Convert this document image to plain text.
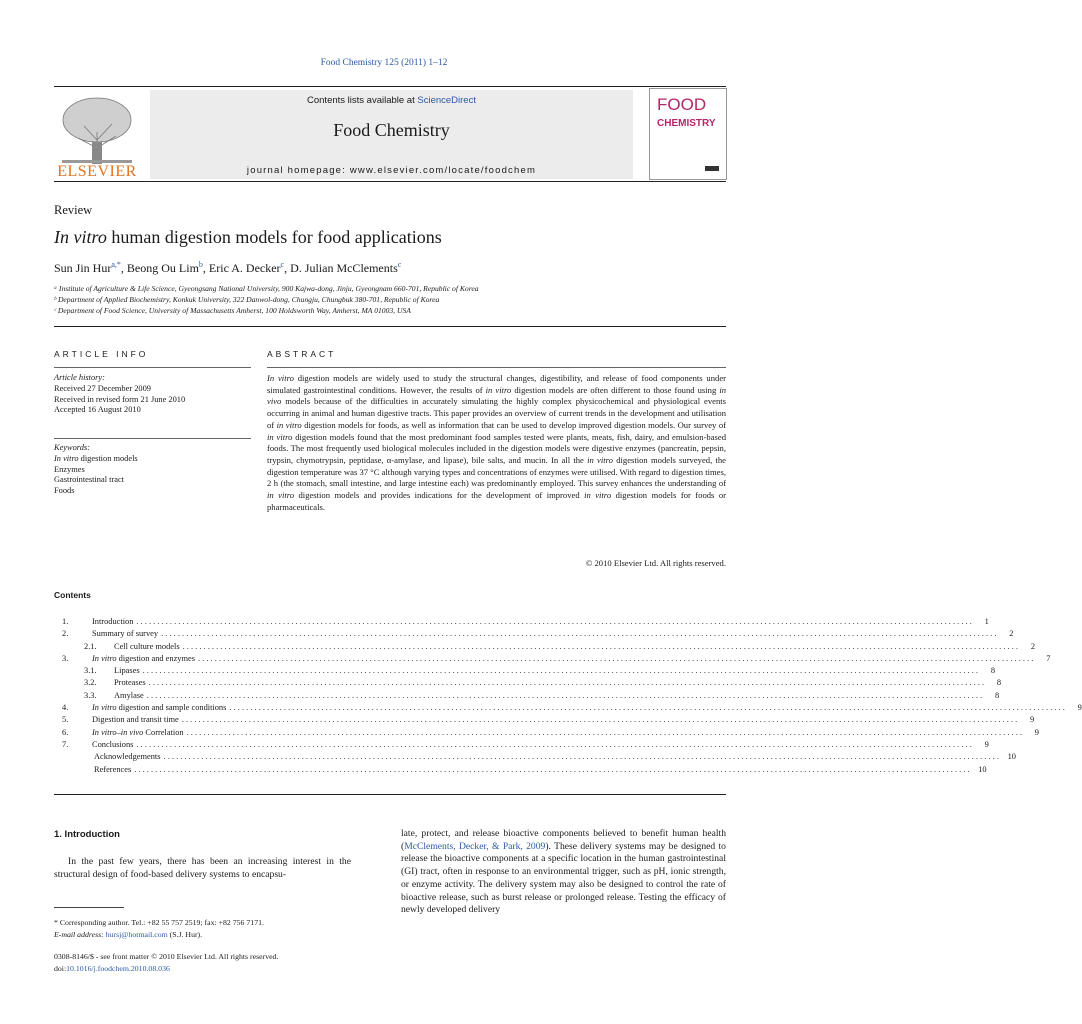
Food Chemistry 125 (2011) 1–12
ELSEVIER
Contents lists available at ScienceDirect
Food Chemistry
journal homepage: www.elsevier.com/locate/foodchem
FOOD
CHEMISTRY
Review
In vitro human digestion models for food applications
Sun Jin Hur$^{a,*}$, Beong Ou Lim$^b$, Eric A. Decker$^c$, D. Julian McClements$^c$
ᵃ Institute of Agriculture & Life Science, Gyeongsang National University, 900 Kajwa-dong, Jinju, Gyeongnam 660-701, Republic of Korea
ᵇ Department of Applied Biochemistry, Konkuk University, 322 Danwol-dong, Chungju, Chungbuk 380-701, Republic of Korea
ᶜ Department of Food Science, University of Massachusetts Amherst, 100 Holdsworth Way, Amherst, MA 01003, USA
ARTICLE INFO
Article history:
Received 27 December 2009
Received in revised form 21 June 2010
Accepted 16 August 2010
Keywords:
In vitro digestion models
Enzymes
Gastrointestinal tract
Foods
ABSTRACT
In vitro digestion models are widely used to study the structural changes, digestibility, and release of food components under simulated gastrointestinal conditions. However, the results of in vitro digestion models are often different to those found using in vivo models because of the difficulties in accurately simulating the highly complex physicochemical and physiological events occurring in animal and human digestive tracts. This paper provides an overview of current trends in the development and utilisation of in vitro digestion models for foods, as well as information that can be used to develop improved digestion models. Our survey of in vitro digestion models found that the most predominant food samples tested were plants, meats, fish, dairy, and emulsion-based foods. The most frequently used biological molecules included in the digestion models were digestive enzymes (pancreatin, pepsin, trypsin, chymotrypsin, peptidase, α-amylase, and lipase), bile salts, and mucin. In all the in vitro digestion models surveyed, the digestion temperature was 37 °C although varying types and concentrations of enzymes were utilised. With regard to digestion times, 2 h (the stomach, small intestine, and large intestine each) was predominantly employed. This survey enhances the understanding of in vitro digestion models and provides indications for the development of improved in vitro digestion models for foods or pharmaceuticals.
© 2010 Elsevier Ltd. All rights reserved.
Contents
1.	Introduction . . . . . . . . . . . . . . . . . . . . . . . . . . . . . . . . . . . . . . . . . . . . . . . . . . . . . . . . . . . . . . . . . . . . . . . . . . . . . . . . . . . . . . . . . . . . . . . . . . . . . . . . . . . . . . . . . . . . . . . . . . . . . . . . . . . . . . . . . . . . . . . . . . . . . . . . . . . . . . . . . . . . . . . . . . . . . . . . . . . . . . . . . . . . . . . . . . . . . . . .	1
2.	Summary of survey . . . . . . . . . . . . . . . . . . . . . . . . . . . . . . . . . . . . . . . . . . . . . . . . . . . . . . . . . . . . . . . . . . . . . . . . . . . . . . . . . . . . . . . . . . . . . . . . . . . . . . . . . . . . . . . . . . . . . . . . . . . . . . . . . . . . . . . . . . . . . . . . . . . . . . . . . . . . . . . . . . . . . . . . . . . . . . . . . . . . . . . . . . . . . . . . . . . . . . . .	2
2.1.	Cell culture models . . . . . . . . . . . . . . . . . . . . . . . . . . . . . . . . . . . . . . . . . . . . . . . . . . . . . . . . . . . . . . . . . . . . . . . . . . . . . . . . . . . . . . . . . . . . . . . . . . . . . . . . . . . . . . . . . . . . . . . . . . . . . . . . . . . . . . . . . . . . . . . . . . . . . . . . . . . . . . . . . . . . . . . . . . . . . . . . . . . . . . . . . . . . . . . . . . . . . . . .	2
3.	In vitro digestion and enzymes . . . . . . . . . . . . . . . . . . . . . . . . . . . . . . . . . . . . . . . . . . . . . . . . . . . . . . . . . . . . . . . . . . . . . . . . . . . . . . . . . . . . . . . . . . . . . . . . . . . . . . . . . . . . . . . . . . . . . . . . . . . . . . . . . . . . . . . . . . . . . . . . . . . . . . . . . . . . . . . . . . . . . . . . . . . . . . . . . . . . . . . . . . . . . . . . . . . . . . . .	7
3.1.	Lipases . . . . . . . . . . . . . . . . . . . . . . . . . . . . . . . . . . . . . . . . . . . . . . . . . . . . . . . . . . . . . . . . . . . . . . . . . . . . . . . . . . . . . . . . . . . . . . . . . . . . . . . . . . . . . . . . . . . . . . . . . . . . . . . . . . . . . . . . . . . . . . . . . . . . . . . . . . . . . . . . . . . . . . . . . . . . . . . . . . . . . . . . . . . . . . . . . . . . . . . .	8
3.2.	Proteases . . . . . . . . . . . . . . . . . . . . . . . . . . . . . . . . . . . . . . . . . . . . . . . . . . . . . . . . . . . . . . . . . . . . . . . . . . . . . . . . . . . . . . . . . . . . . . . . . . . . . . . . . . . . . . . . . . . . . . . . . . . . . . . . . . . . . . . . . . . . . . . . . . . . . . . . . . . . . . . . . . . . . . . . . . . . . . . . . . . . . . . . . . . . . . . . . . . . . . . .	8
3.3.	Amylase . . . . . . . . . . . . . . . . . . . . . . . . . . . . . . . . . . . . . . . . . . . . . . . . . . . . . . . . . . . . . . . . . . . . . . . . . . . . . . . . . . . . . . . . . . . . . . . . . . . . . . . . . . . . . . . . . . . . . . . . . . . . . . . . . . . . . . . . . . . . . . . . . . . . . . . . . . . . . . . . . . . . . . . . . . . . . . . . . . . . . . . . . . . . . . . . . . . . . . . .	8
4.	In vitro digestion and sample conditions . . . . . . . . . . . . . . . . . . . . . . . . . . . . . . . . . . . . . . . . . . . . . . . . . . . . . . . . . . . . . . . . . . . . . . . . . . . . . . . . . . . . . . . . . . . . . . . . . . . . . . . . . . . . . . . . . . . . . . . . . . . . . . . . . . . . . . . . . . . . . . . . . . . . . . . . . . . . . . . . . . . . . . . . . . . . . . . . . . . . . . . . . . . . . . . . . . . . . . . .	9
5.	Digestion and transit time . . . . . . . . . . . . . . . . . . . . . . . . . . . . . . . . . . . . . . . . . . . . . . . . . . . . . . . . . . . . . . . . . . . . . . . . . . . . . . . . . . . . . . . . . . . . . . . . . . . . . . . . . . . . . . . . . . . . . . . . . . . . . . . . . . . . . . . . . . . . . . . . . . . . . . . . . . . . . . . . . . . . . . . . . . . . . . . . . . . . . . . . . . . . . . . . . . . . . . . .	9
6.	In vitro–in vivo Correlation . . . . . . . . . . . . . . . . . . . . . . . . . . . . . . . . . . . . . . . . . . . . . . . . . . . . . . . . . . . . . . . . . . . . . . . . . . . . . . . . . . . . . . . . . . . . . . . . . . . . . . . . . . . . . . . . . . . . . . . . . . . . . . . . . . . . . . . . . . . . . . . . . . . . . . . . . . . . . . . . . . . . . . . . . . . . . . . . . . . . . . . . . . . . . . . . . . . . . . . .	9
7.	Conclusions . . . . . . . . . . . . . . . . . . . . . . . . . . . . . . . . . . . . . . . . . . . . . . . . . . . . . . . . . . . . . . . . . . . . . . . . . . . . . . . . . . . . . . . . . . . . . . . . . . . . . . . . . . . . . . . . . . . . . . . . . . . . . . . . . . . . . . . . . . . . . . . . . . . . . . . . . . . . . . . . . . . . . . . . . . . . . . . . . . . . . . . . . . . . . . . . . . . . . . . .	9
Acknowledgements . . . . . . . . . . . . . . . . . . . . . . . . . . . . . . . . . . . . . . . . . . . . . . . . . . . . . . . . . . . . . . . . . . . . . . . . . . . . . . . . . . . . . . . . . . . . . . . . . . . . . . . . . . . . . . . . . . . . . . . . . . . . . . . . . . . . . . . . . . . . . . . . . . . . . . . . . . . . . . . . . . . . . . . . . . . . . . . . . . . . . . . . . . . . . . . . . . . . . . . .	10
References . . . . . . . . . . . . . . . . . . . . . . . . . . . . . . . . . . . . . . . . . . . . . . . . . . . . . . . . . . . . . . . . . . . . . . . . . . . . . . . . . . . . . . . . . . . . . . . . . . . . . . . . . . . . . . . . . . . . . . . . . . . . . . . . . . . . . . . . . . . . . . . . . . . . . . . . . . . . . . . . . . . . . . . . . . . . . . . . . . . . . . . . . . . . . . . . . . . . . . . .	10
1. Introduction
In the past few years, there has been an increasing interest in the structural design of food-based delivery systems to encapsu-
late, protect, and release bioactive components believed to benefit human health (McClements, Decker, & Park, 2009). These delivery systems may be designed to release the bioactive components at a specific location in the human gastrointestinal (GI) tract, often in response to an environmental trigger, such as pH, ionic strength, or enzyme activity. The delivery system may also be designed to control the rate of bioactive release, such as burst release or prolonged release. Testing the efficacy of newly developed delivery
* Corresponding author. Tel.: +82 55 757 2519; fax: +82 756 7171.
E-mail address: hursj@hotmail.com (S.J. Hur).
0308-8146/$ - see front matter © 2010 Elsevier Ltd. All rights reserved.
doi:10.1016/j.foodchem.2010.08.036
